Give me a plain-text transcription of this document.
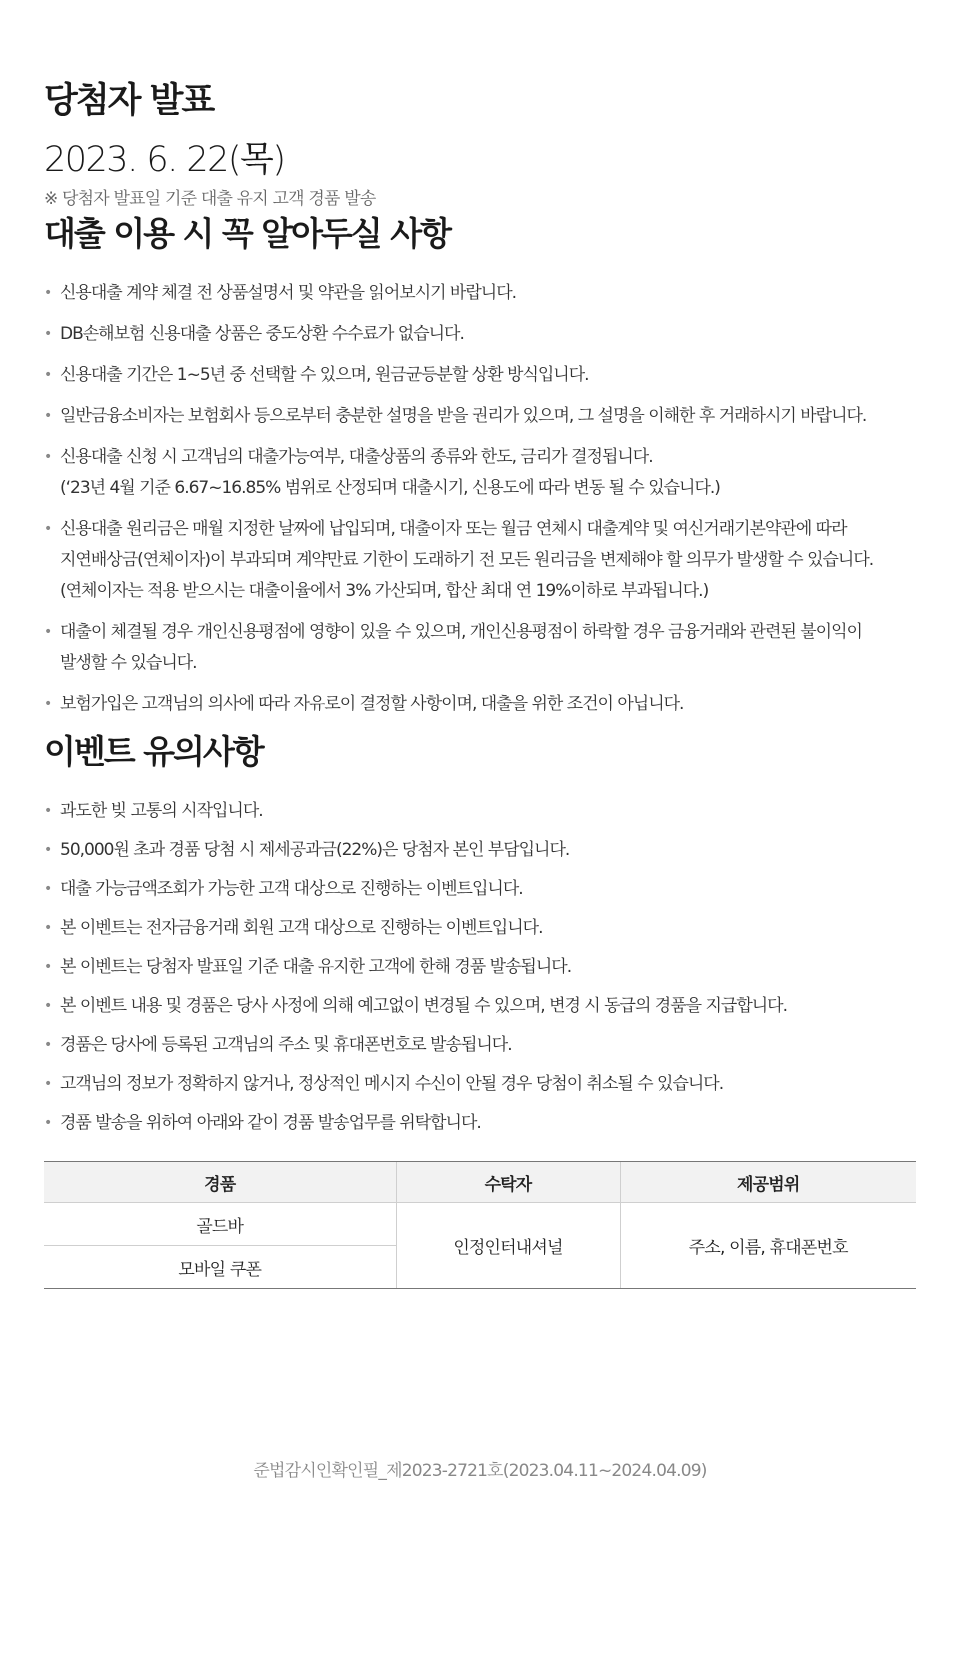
당첨자 발표
2023. 6. 22(목)
※ 당첨자 발표일 기준 대출 유지 고객 경품 발송
대출 이용 시 꼭 알아두실 사항
• 신용대출 계약 체결 전 상품설명서 및 약관을 읽어보시기 바랍니다.
• DB손해보험 신용대출 상품은 중도상환 수수료가 없습니다.
• 신용대출 기간은 1~5년 중 선택할 수 있으며, 원금균등분할 상환 방식입니다.
• 일반금융소비자는 보험회사 등으로부터 충분한 설명을 받을 권리가 있으며, 그 설명을 이해한 후 거래하시기 바랍니다.
• 신용대출 신청 시 고객님의 대출가능여부, 대출상품의 종류와 한도, 금리가 결정됩니다.
(‘23년 4월 기준 6.67~16.85% 범위로 산정되며 대출시기, 신용도에 따라 변동 될 수 있습니다.)
• 신용대출 원리금은 매월 지정한 날짜에 납입되며, 대출이자 또는 월금 연체시 대출계약 및 여신거래기본약관에 따라
지연배상금(연체이자)이 부과되며 계약만료 기한이 도래하기 전 모든 원리금을 변제해야 할 의무가 발생할 수 있습니다.
(연체이자는 적용 받으시는 대출이율에서 3% 가산되며, 합산 최대 연 19%이하로 부과됩니다.)
• 대출이 체결될 경우 개인신용평점에 영향이 있을 수 있으며, 개인신용평점이 하락할 경우 금융거래와 관련된 불이익이
발생할 수 있습니다.
• 보험가입은 고객님의 의사에 따라 자유로이 결정할 사항이며, 대출을 위한 조건이 아닙니다.
이벤트 유의사항
• 과도한 빚 고통의 시작입니다.
• 50,000원 초과 경품 당첨 시 제세공과금(22%)은 당첨자 본인 부담입니다.
• 대출 가능금액조회가 가능한 고객 대상으로 진행하는 이벤트입니다.
• 본 이벤트는 전자금융거래 회원 고객 대상으로 진행하는 이벤트입니다.
• 본 이벤트는 당첨자 발표일 기준 대출 유지한 고객에 한해 경품 발송됩니다.
• 본 이벤트 내용 및 경품은 당사 사정에 의해 예고없이 변경될 수 있으며, 변경 시 동급의 경품을 지급합니다.
• 경품은 당사에 등록된 고객님의 주소 및 휴대폰번호로 발송됩니다.
• 고객님의 정보가 정확하지 않거나, 정상적인 메시지 수신이 안될 경우 당첨이 취소될 수 있습니다.
• 경품 발송을 위하여 아래와 같이 경품 발송업무를 위탁합니다.
경품	수탁자	제공범위
골드바	인정인터내셔널	주소, 이름, 휴대폰번호
모바일 쿠폰		
준법감시인확인필_제2023-2721호(2023.04.11~2024.04.09)
